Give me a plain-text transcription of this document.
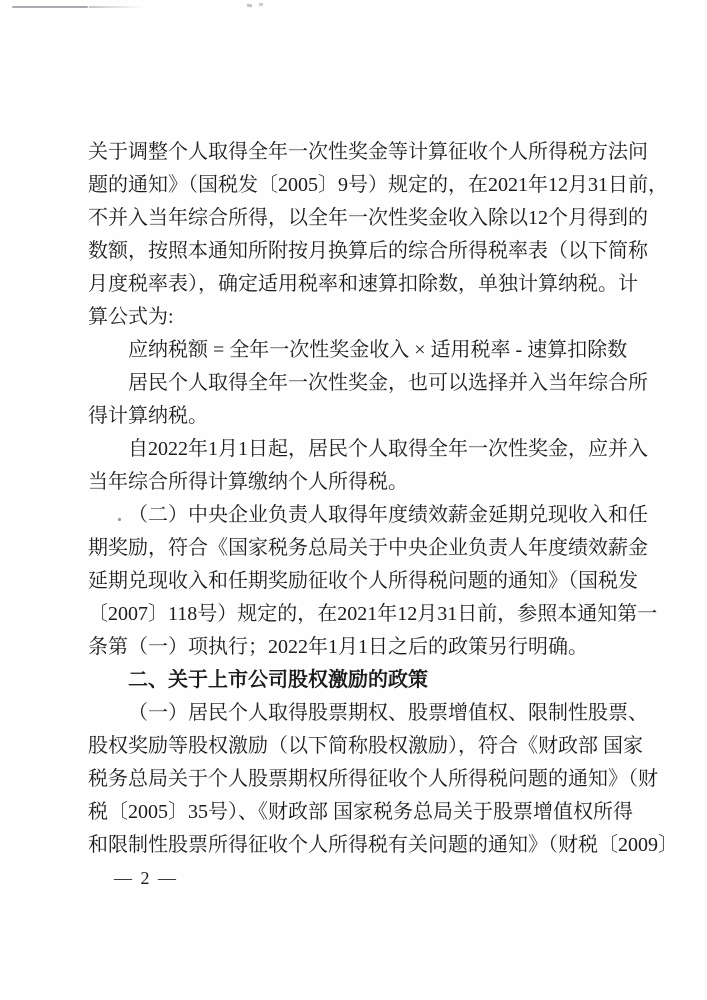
关于调整个人取得全年一次性奖金等计算征收个人所得税方法问
题的通知》（国税发〔2005〕9号）规定的，在2021年12月31日前，
不并入当年综合所得，以全年一次性奖金收入除以12个月得到的
数额，按照本通知所附按月换算后的综合所得税率表（以下简称
月度税率表），确定适用税率和速算扣除数，单独计算纳税。计
算公式为:
应纳税额 = 全年一次性奖金收入 × 适用税率 - 速算扣除数
居民个人取得全年一次性奖金，也可以选择并入当年综合所
得计算纳税。
自2022年1月1日起，居民个人取得全年一次性奖金，应并入
当年综合所得计算缴纳个人所得税。
（二）中央企业负责人取得年度绩效薪金延期兑现收入和任
期奖励，符合《国家税务总局关于中央企业负责人年度绩效薪金
延期兑现收入和任期奖励征收个人所得税问题的通知》（国税发
〔2007〕118号）规定的，在2021年12月31日前，参照本通知第一
条第（一）项执行；2022年1月1日之后的政策另行明确。
二、关于上市公司股权激励的政策
（一）居民个人取得股票期权、股票增值权、限制性股票、
股权奖励等股权激励（以下简称股权激励），符合《财政部 国家
税务总局关于个人股票期权所得征收个人所得税问题的通知》（财
税〔2005〕35号）、《财政部 国家税务总局关于股票增值权所得
和限制性股票所得征收个人所得税有关问题的通知》（财税〔2009〕
— 2 —
